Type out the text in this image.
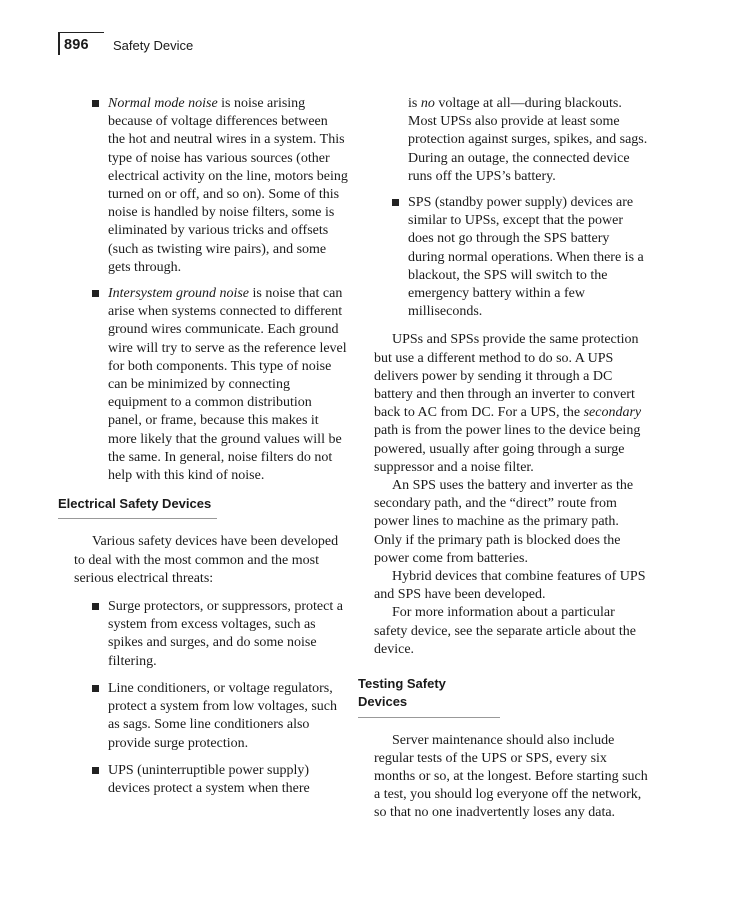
896 Safety Device

Normal mode noise is noise arising because of voltage differences between the hot and neutral wires in a system. This type of noise has various sources (other electrical activity on the line, motors being turned on or off, and so on). Some of this noise is handled by noise filters, some is eliminated by various tricks and offsets (such as twisting wire pairs), and some gets through.

Intersystem ground noise is noise that can arise when systems connected to different ground wires communicate. Each ground wire will try to serve as the reference level for both components. This type of noise can be minimized by connecting equipment to a common distribution panel, or frame, because this makes it more likely that the ground values will be the same. In general, noise filters do not help with this kind of noise.

Electrical Safety Devices

Various safety devices have been developed to deal with the most common and the most serious electrical threats:

Surge protectors, or suppressors, protect a system from excess voltages, such as spikes and surges, and do some noise filtering.

Line conditioners, or voltage regulators, protect a system from low voltages, such as sags. Some line conditioners also provide surge protection.

UPS (uninterruptible power supply) devices protect a system when there

is no voltage at all—during blackouts. Most UPSs also provide at least some protection against surges, spikes, and sags. During an outage, the connected device runs off the UPS’s battery.

SPS (standby power supply) devices are similar to UPSs, except that the power does not go through the SPS battery during normal operations. When there is a blackout, the SPS will switch to the emergency battery within a few milliseconds.

UPSs and SPSs provide the same protection but use a different method to do so. A UPS delivers power by sending it through a DC battery and then through an inverter to convert back to AC from DC. For a UPS, the secondary path is from the power lines to the device being powered, usually after going through a surge suppressor and a noise filter.

An SPS uses the battery and inverter as the secondary path, and the “direct” route from power lines to machine as the primary path. Only if the primary path is blocked does the power come from batteries.

Hybrid devices that combine features of UPS and SPS have been developed.

For more information about a particular safety device, see the separate article about the device.

Testing Safety Devices

Server maintenance should also include regular tests of the UPS or SPS, every six months or so, at the longest. Before starting such a test, you should log everyone off the network, so that no one inadvertently loses any data.
